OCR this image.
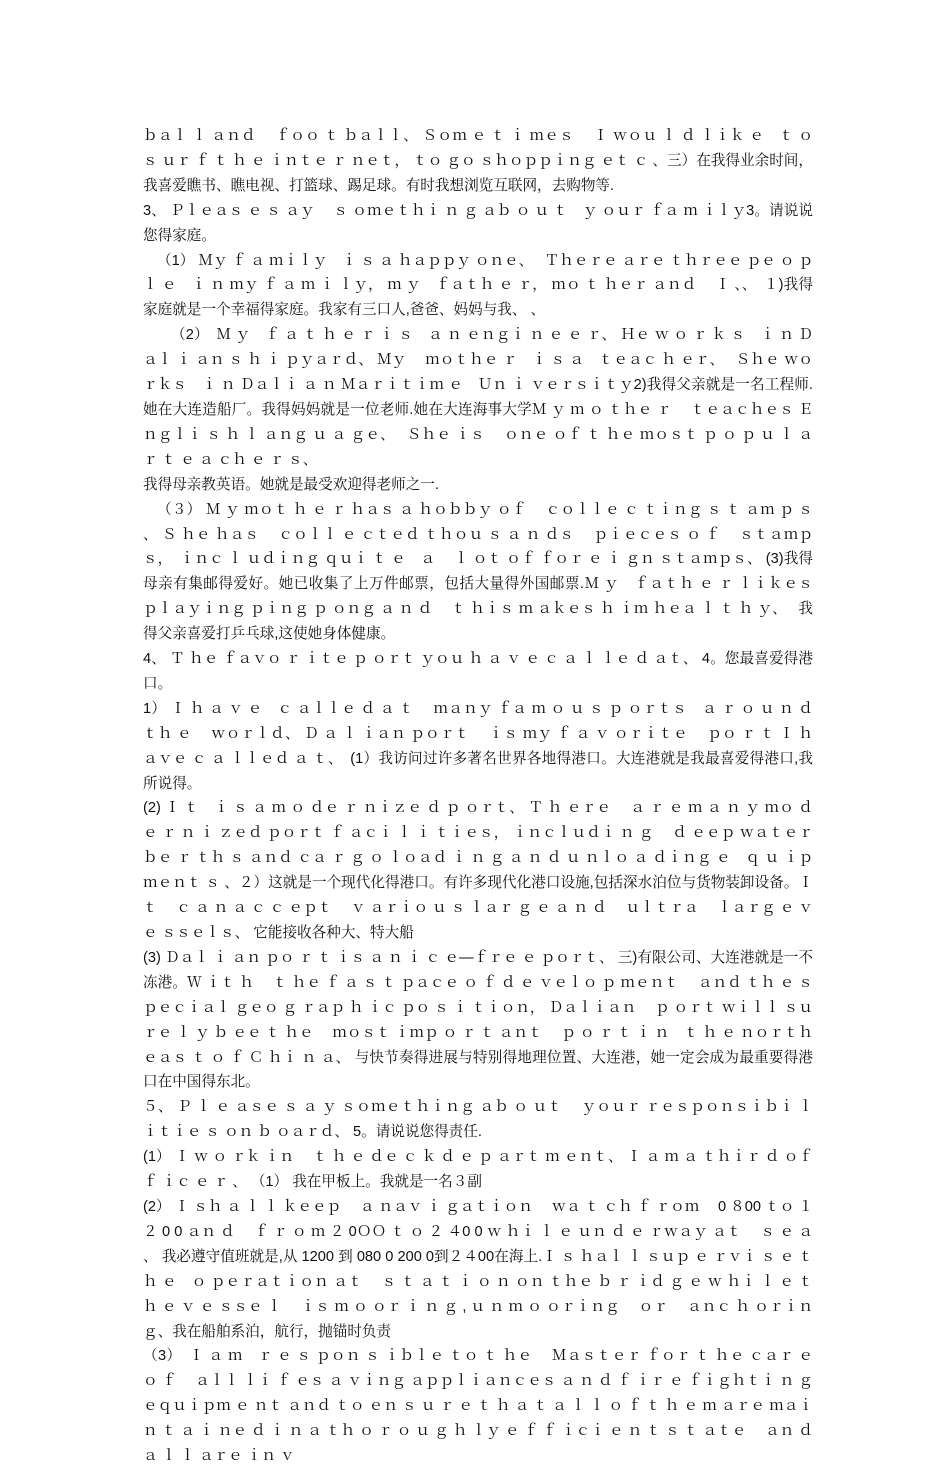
ｂａｌ ｌ ａｎｄ　 ｆｏｏ ｔ ｂａｌｌ、 Ｓｏｍ ｅ ｔ ｉ ｍｅｓ　 Ｉ ｗｏｕ ｌ ｄ ｌｉｋ ｅ　ｔ ｏ ｓ ｕｒ ｆ ｔ ｈ ｅ ｉｎｔｅ ｒ ｎｅｔ， ｔｏ ｇｏ ｓｈｏｐｐｉｎｇ ｅｔ ｃ 、三）在我得业余时间，我喜爱瞧书、瞧电视、打篮球、踢足球。有时我想浏览互联网，去购物等.

3、 Ｐｌｅａｓ ｅ ｓ ａｙ　 ｓ ｏｍｅｔｈｉ ｎ ｇ ａｂ ｏ ｕ ｔ　ｙ ｏｕｒ ｆａ ｍ ｉｌｙ3。请说说您得家庭。

（1） Ｍｙ ｆ ａ ｍｉｌｙ　ｉ ｓ ａ ｈａｐｐｙ ｏｎｅ、　 Ｔｈｅｒｅ ａｒｅ ｔｈｒｅｅ ｐｅ ｏ ｐｌ ｅ　ｉ ｎ ｍｙ ｆ ａ ｍ ｉ ｌｙ， ｍ ｙ　ｆａｔｈ ｅ ｒ， ｍｏ ｔ ｈｅｒ ａｎｄ　 Ｉ 、、　１)我得家庭就是一个幸福得家庭。我家有三口人,爸爸、妈妈与我、 、

（2）　Ｍ ｙ　ｆ ａ ｔ ｈ ｅ ｒ ｉ ｓ　ａ ｎ ｅｎｇｉ ｎ ｅ ｅ ｒ、 Ｈｅ ｗ ｏ ｒ ｋ ｓ　ｉ ｎ Ｄａｌ ｉ ａｎ ｓ ｈ ｉ ｐｙａｒｄ、 Ｍｙ　 ｍｏｔｈｅ ｒ　ｉ ｓ ａ　ｔｅａｃ ｈ ｅｒ、　 Ｓｈｅ ｗｏｒｋｓ　ｉ ｎ Ｄａｌｉ ａ ｎ Ｍａｒｉｔｉｍ ｅ　Ｕｎ ｉ ｖｅｒｓｉｔｙ2)我得父亲就是一名工程师.她在大连造船厂。我得妈妈就是一位老师.她在大连海事大学Ｍ ｙ ｍ ｏ ｔｈｅ ｒ　 ｔｅａｃｈｅｓ Ｅ ｎｇｌｉ ｓ ｈ ｌ ａｎｇ ｕ ａ ｇｅ、　 Ｓｈｅ ｉｓ　 ｏｎｅ ｏｆ ｔ ｈｅ ｍｏｓｔ ｐ ｏ ｐ ｕ ｌ ａｒ ｔ ｅ ａ ｃｈ ｅ ｒ ｓ、

我得母亲教英语。她就是最受欢迎得老师之一.

（３） Ｍ ｙ ｍｏｔ ｈ ｅ ｒ ｈａｓ ａ ｈｏｂｂｙ ｏｆ　 ｃｏｌｌｅ ｃ ｔｉｎｇ ｓ ｔ ａｍ ｐ ｓ 、 Ｓ ｈｅ ｈａｓ　 ｃｏｌｌ ｅ ｃｔｅｄ ｔｈｏｕ ｓ ａ ｎ ｄｓ　 ｐｉｅｃｅｓ ｏ ｆ　 ｓｔａｍｐｓ，　ｉｎｃ ｌ ｕｄｉｎｇ ｑｕｉ ｔ ｅ　ａ　 ｌ ｏｔ ｏｆ ｆｏｒ ｅ ｉ ｇｎ ｓｔａｍｐｓ、 (3)我得母亲有集邮得爱好。她已收集了上万件邮票，包括大量得外国邮票.Ｍ ｙ　ｆａｔｈ ｅ ｒ ｌｉｋｅｓ　 ｐｌａｙｉｎｇ ｐｉｎｇ ｐ ｏｎｇ ａ ｎ ｄ　 ｔ ｈｉｓ ｍ ａｋｅｓ ｈ ｉｍ ｈｅａ ｌ ｔ ｈ ｙ、　 我得父亲喜爱打乒乓球,这使她身体健康。

4、 Ｔ ｈｅ ｆａｖｏ ｒ ｉｔｅ ｐ ｏｒｔ ｙｏｕ ｈ ａ ｖ ｅ ｃ ａ ｌ ｌｅ ｄ ａｔ、 4。您最喜爱得港口。

1） Ｉ ｈ ａ ｖ ｅ　ｃ ａｌｌｅ ｄ ａ ｔ　 ｍａｎｙ ｆａ ｍ ｏ ｕ ｓ ｐ ｏｒｔｓ　ａ ｒ ｏ ｕ ｎ ｄ ｔｈ ｅ　 ｗｏｒｌｄ、 Ｄ ａ ｌ ｉａｎ ｐｏｒｔ　 ｉｓ ｍｙ ｆ ａ ｖ ｏｒｉｔｅ　 ｐｏ ｒ ｔ Ｉ ｈａｖｅ ｃ ａ ｌｌｅｄ ａ ｔ、　(1）我访问过许多著名世界各地得港口。大连港就是我最喜爱得港口,我所说得。

(2) Ｉ ｔ　ｉ ｓ ａ ｍ ｏ ｄｅ ｒ ｎｉｚｅ ｄ ｐ ｏｒｔ、 Ｔ ｈ ｅｒｅ　 ａ ｒ ｅ ｍ ａ ｎ ｙ ｍｏ ｄ ｅ ｒ ｎ ｉ ｚｅｄ ｐｏｒｔ ｆ ａｃｉ ｌ ｉ ｔｉｅｓ， ｉｎｃｌｕｄｉ ｎ ｇ　 ｄ ｅｅｐ ｗａｔｅｒ ｂｅ ｒ ｔｈ ｓ ａｎｄ ｃａ ｒ ｇ ｏ ｌｏａｄ ｉ ｎ ｇ ａ ｎ ｄ ｕ ｎｌｏ ａ ｄｉｎｇ ｅ　ｑ ｕ ｉｐｍｅｎｔ ｓ 、２）这就是一个现代化得港口。有许多现代化港口设施,包括深水泊位与货物装卸设备。Ｉ ｔ　 ｃ ａ ｎ ａ ｃ ｃ ｅｐｔ　 ｖ ａｒｉｏ ｕ ｓ ｌａｒ ｇ ｅ ａ ｎ ｄ　 ｕｌｔｒａ　 ｌａｒｇ ｅ ｖ ｅ ｓｓｅｌｓ、 它能接收各种大、特大船

(3) Ｄａｌ ｉ ａｎ ｐｏ ｒ ｔ ｉｓ ａ ｎ ｉ ｃ ｅ―ｆｒｅ ｅ ｐｏｒｔ、 三)有限公司、大连港就是一不冻港。Ｗ ｉｔ ｈ　 ｔ ｈｅ ｆ ａ ｓ ｔ ｐａｃｅ ｏ ｆ ｄ ｅ ｖｅｌｏ ｐ ｍｅｎｔ　 ａｎｄ ｔｈ ｅ ｓｐｅｃｉａｌ ｇｅｏ ｇ ｒａｐ ｈ ｉｃ ｐｏ ｓ ｉ ｔｉｏｎ， Ｄａｌｉａｎ　 ｐ ｏｒｔ ｗｉｌｌ ｓｕｒｅ ｌ ｙ ｂ ｅｅ ｔ ｈｅ　 ｍｏｓｔ ｉｍｐ ｏ ｒ ｔ ａｎｔ　 ｐ ｏ ｒ ｔ ｉ ｎ　ｔ ｈ ｅ ｎｏｒｔｈｅａｓ ｔ ｏ ｆ Ｃ ｈｉ ｎ ａ、 与快节奏得进展与特别得地理位置、大连港，她一定会成为最重要得港口在中国得东北。

５、 Ｐ ｌ ｅ ａｓｅ ｓ ａ ｙ ｓｏｍｅｔｈｉｎｇ ａｂ ｏ ｕｔ　 ｙｏｕｒ ｒｅｓｐｏｎｓｉｂｉ ｌ ｉｔｉｅ ｓ ｏｎ ｂ ｏａｒｄ、 5。请说说您得责任.

(1） Ｉ ｗ ｏ ｒｋ ｉｎ　 ｔ ｈ ｅ ｄｅ ｃ ｋ ｄ ｅ ｐ ａｒｔ ｍ ｅｎｔ、 Ｉ ａ ｍ ａ ｔｈｉｒ ｄ ｏｆ ｆ ｉｃ ｅ ｒ 、 （1） 我在甲板上。我就是一名３副

(2） Ｉ ｓｈ ａ ｌ ｌ ｋｅｅｐ　 ａ ｎａｖ ｉ ｇａｔｉｏｎ　 ｗａ ｔ ｃｈ ｆ ｒｏｍ　 0 ８00 ｔｏ １ ２ 0 0 ａｎ ｄ　 ｆ ｒ ｏ ｍ ２ 0ＯＯ ｔ ｏ ２ ４0 0 ｗ ｈｉ ｌ ｅ ｕｎ ｄ ｅ ｒｗａｙ ａｔ　 ｓ ｅ ａ 、 我必遵守值班就是,从 1200 到 080 0 200 0到２４00在海上.Ｉ ｓ ｈａｌ ｌ ｓｕｐ ｅ ｒｖｉ ｓ ｅ ｔ ｈ ｅ　ｏ ｐｅｒａｔｉｏｎ ａｔ　 ｓ ｔ ａ ｔ ｉ ｏ ｎ ｏｎ ｔｈｅ ｂ ｒ ｉｄ ｇ ｅ ｗ ｈｉ ｌ ｅ ｔ ｈ ｅ ｖ ｅ ｓｓｅ ｌ　 ｉｓ ｍ ｏ ｏｒ ｉ ｎ ｇ , ｕ ｎ ｍ ｏ ｏｒｉｎｇ　 ｏｒ　 ａｎｃ ｈ ｏｒｉｎｇ、我在船舶系泊，航行，抛锚时负责

（3）　Ｉ ａ ｍ　ｒ ｅ ｓ ｐｏｎ ｓ ｉｂｌｅ ｔｏ ｔ ｈｅ　 Ｍａｓｔｅｒ ｆｏｒ ｔ ｈｅ ｃａｒ ｅ　 ｏ ｆ　 ａｌｌ ｌｉ ｆ ｅｓ ａ ｖｉｎｇ ａｐｐｌｉａｎｃｅｓ ａ ｎ ｄ ｆ ｉｒ ｅ ｆｉｇｈｔｉ ｎ ｇ ｅｑｕｉｐｍ ｅ ｎｔ ａｎｄ ｔｏ ｅｎ ｓ ｕ ｒ ｅ ｔ ｈ ａ ｔ ａ ｌ ｌ ｏ ｆ ｔ ｈ ｅ ｍ ａｒｅ ｍａｉ ｎ ｔ ａ ｉ ｎｅ ｄ ｉ ｎ ａ ｔｈ ｏ ｒ ｏ ｕ ｇ ｈ ｌｙ ｅ ｆ ｆ ｉｃｉ ｅ ｎ ｔ ｓ ｔ ａｔｅ　 ａｎ ｄ ａ ｌ ｌ ａｒｅ ｉｎ ｖ
